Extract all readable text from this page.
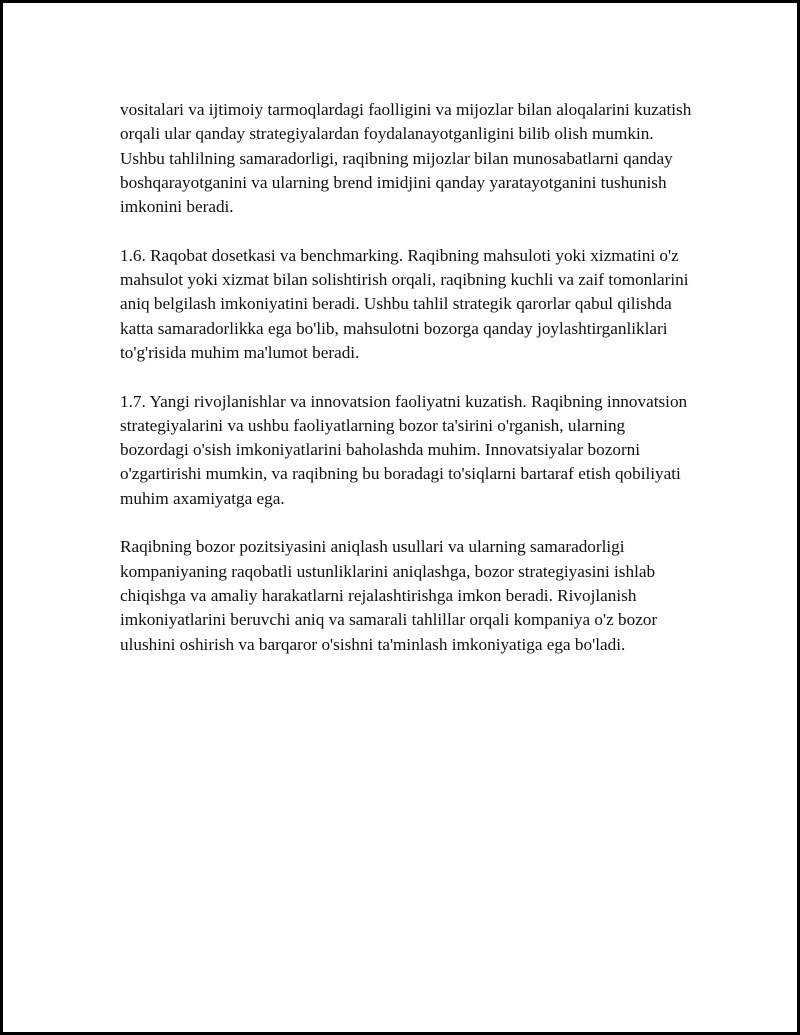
vositalari va ijtimoiy tarmoqlardagi faolligini va mijozlar bilan aloqalarini kuzatish orqali ular qanday strategiyalardan foydalanayotganligini bilib olish mumkin. Ushbu tahlilning samaradorligi, raqibning mijozlar bilan munosabatlarni qanday boshqarayotganini va ularning brend imidjini qanday yaratayotganini tushunish imkonini beradi.

1.6. Raqobat dosetkasi va benchmarking. Raqibning mahsuloti yoki xizmatini o'z mahsulot yoki xizmat bilan solishtirish orqali, raqibning kuchli va zaif tomonlarini aniq belgilash imkoniyatini beradi. Ushbu tahlil strategik qarorlar qabul qilishda katta samaradorlikka ega bo'lib, mahsulotni bozorga qanday joylashtirganliklari to'g'risida muhim ma'lumot beradi.

1.7. Yangi rivojlanishlar va innovatsion faoliyatni kuzatish. Raqibning innovatsion strategiyalarini va ushbu faoliyatlarning bozor ta'sirini o'rganish, ularning bozordagi o'sish imkoniyatlarini baholashda muhim. Innovatsiyalar bozorni o'zgartirishi mumkin, va raqibning bu boradagi to'siqlarni bartaraf etish qobiliyati muhim axamiyatga ega.

Raqibning bozor pozitsiyasini aniqlash usullari va ularning samaradorligi kompaniyaning raqobatli ustunliklarini aniqlashga, bozor strategiyasini ishlab chiqishga va amaliy harakatlarni rejalashtirishga imkon beradi. Rivojlanish imkoniyatlarini beruvchi aniq va samarali tahlillar orqali kompaniya o'z bozor ulushini oshirish va barqaror o'sishni ta'minlash imkoniyatiga ega bo'ladi.
